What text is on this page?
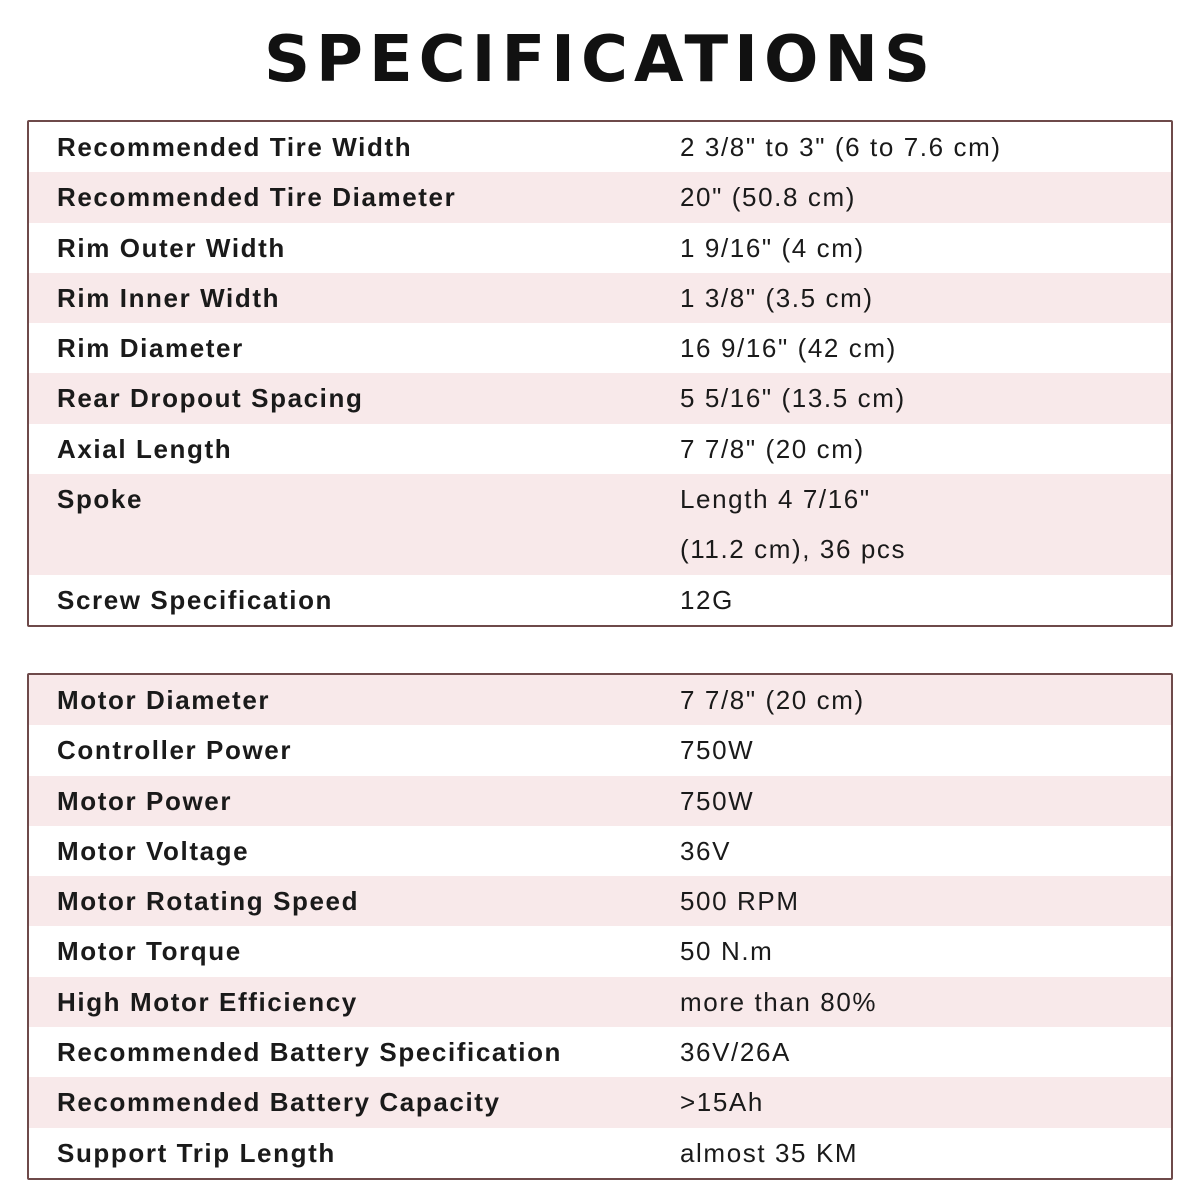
SPECIFICATIONS
Recommended Tire Width	2 3/8" to 3" (6 to 7.6 cm)
Recommended Tire Diameter	20" (50.8 cm)
Rim Outer Width	1 9/16" (4 cm)
Rim Inner Width	1 3/8" (3.5 cm)
Rim Diameter	16 9/16" (42 cm)
Rear Dropout Spacing	5 5/16" (13.5 cm)
Axial Length	7 7/8" (20 cm)
Spoke	Length 4 7/16"
(11.2 cm), 36 pcs
Screw Specification	12G
Motor Diameter	7 7/8" (20 cm)
Controller Power	750W
Motor Power	750W
Motor Voltage	36V
Motor Rotating Speed	500 RPM
Motor Torque	50 N.m
High Motor Efficiency	more than 80%
Recommended Battery Specification	36V/26A
Recommended Battery Capacity	>15Ah
Support Trip Length	almost 35 KM
